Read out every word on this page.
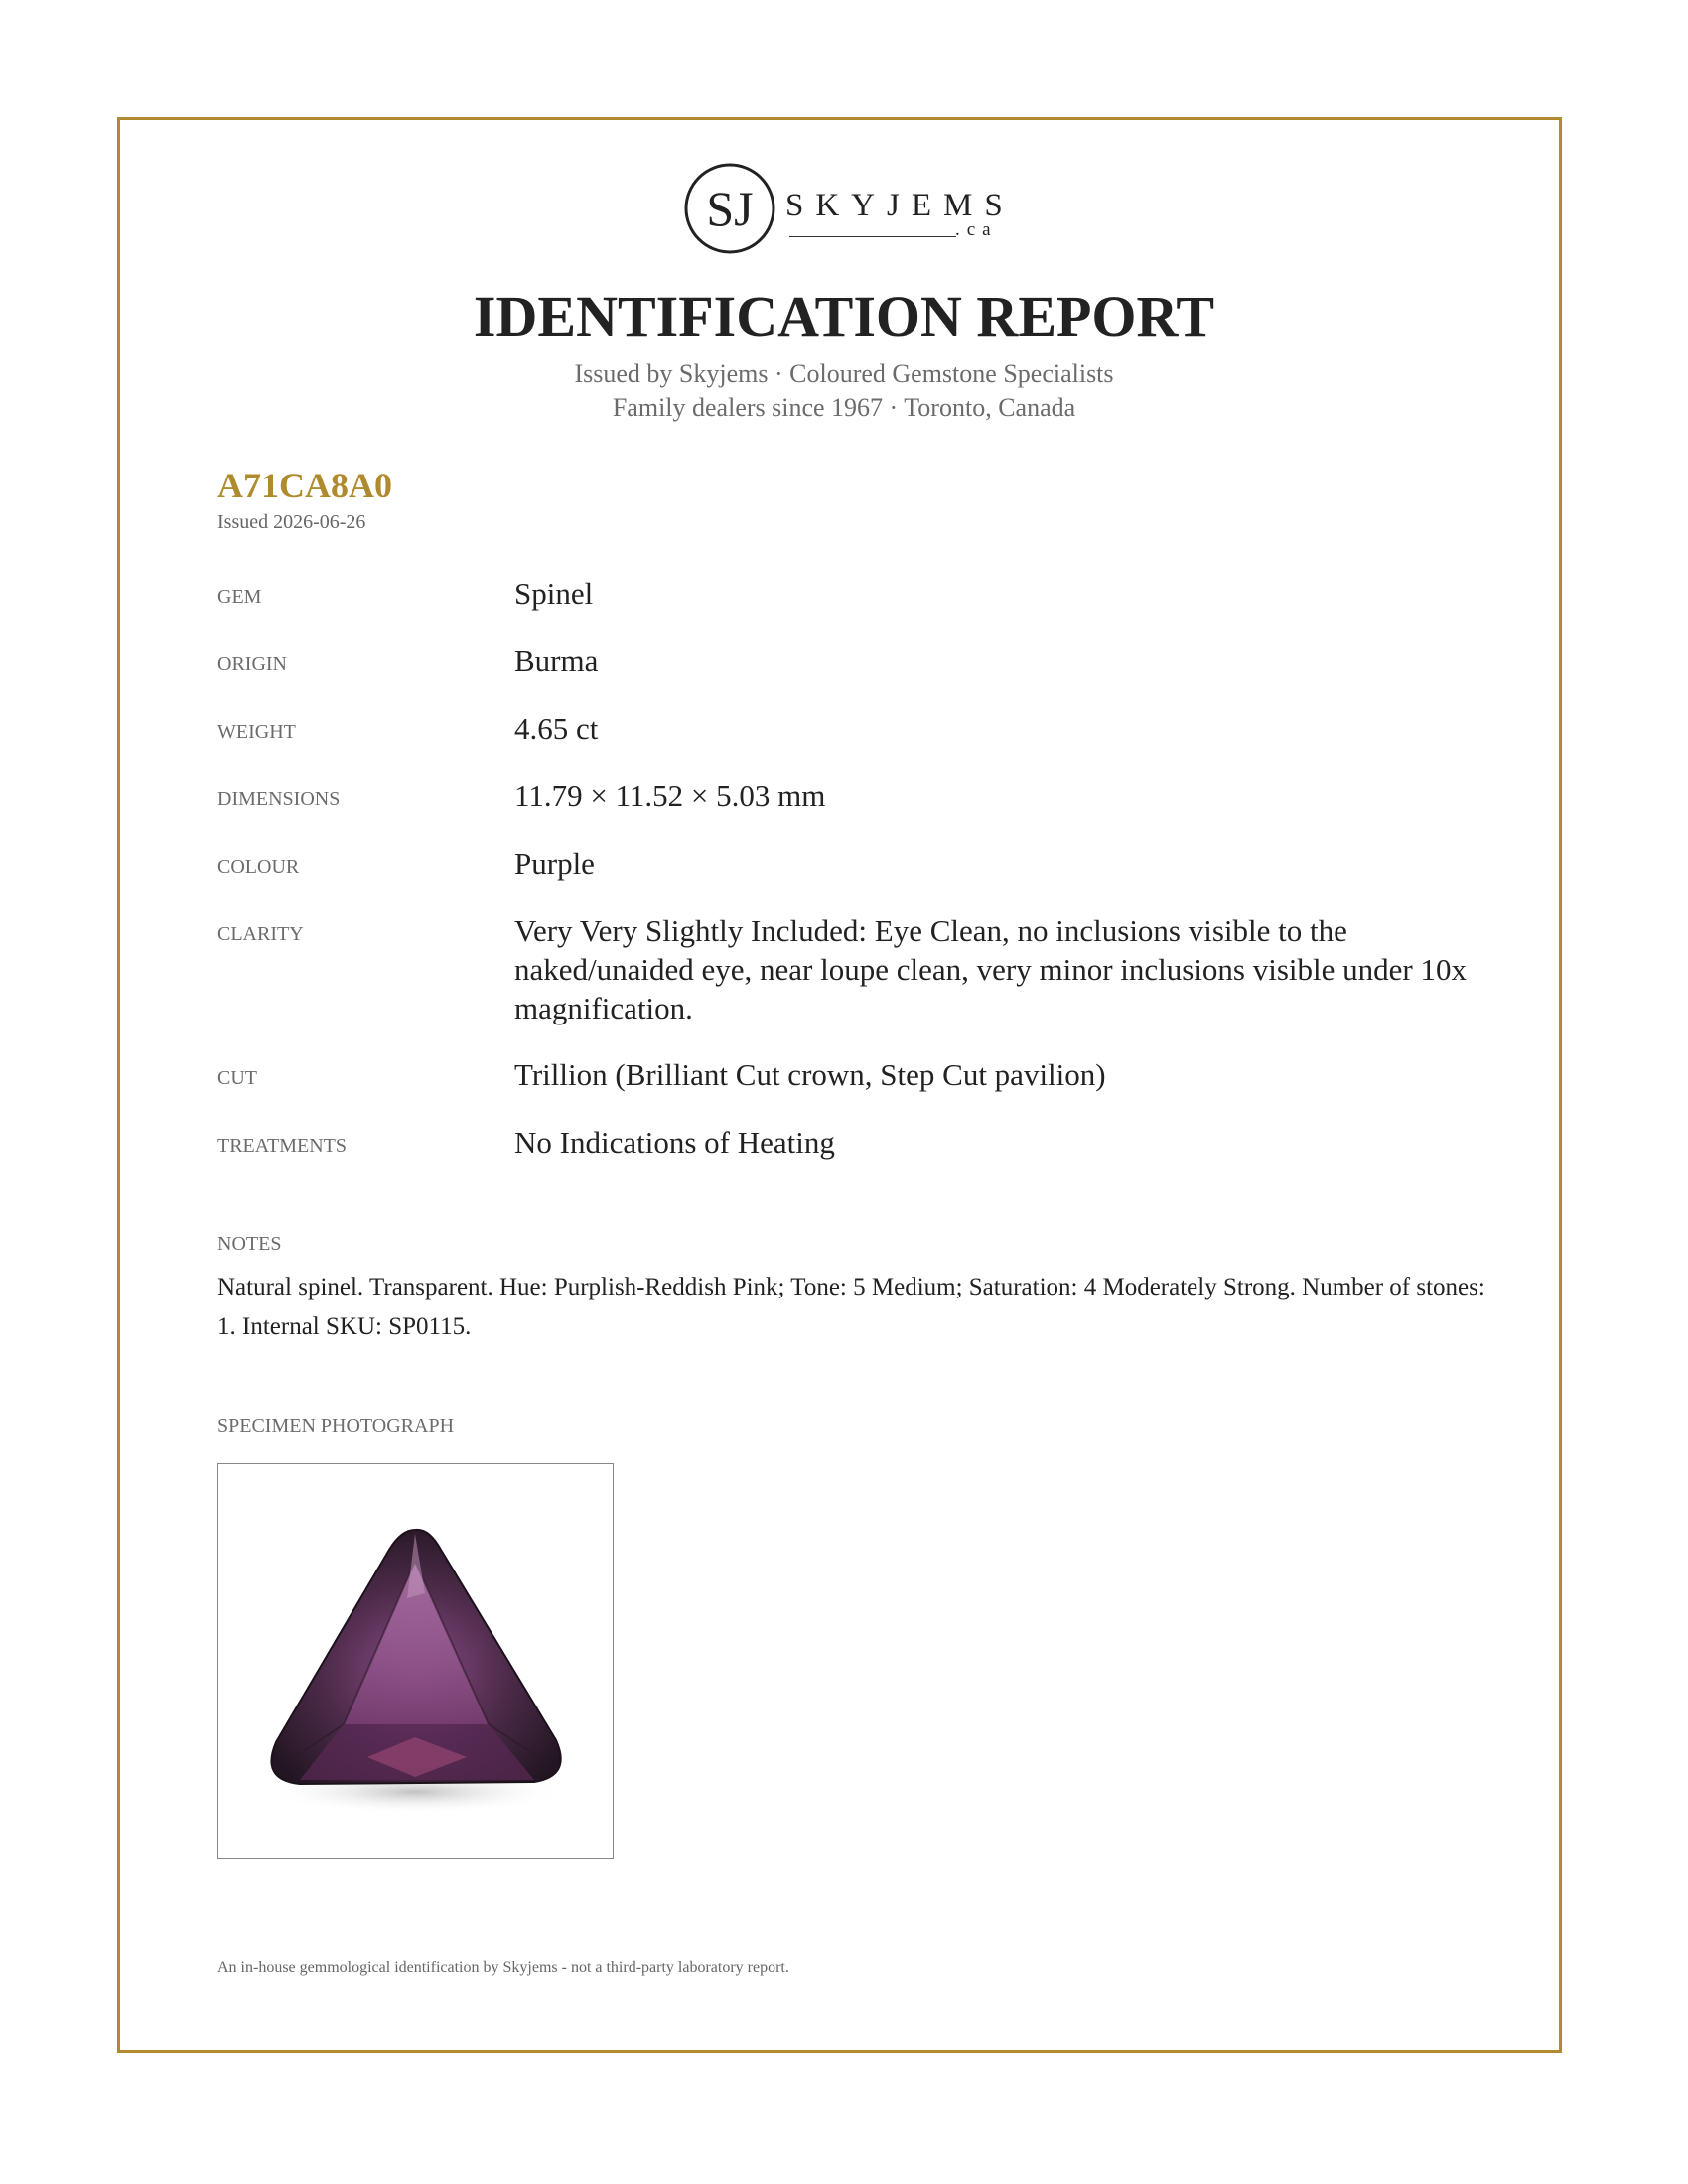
SJ SKYJEMS
.ca
IDENTIFICATION REPORT
Issued by Skyjems · Coloured Gemstone Specialists
Family dealers since 1967 · Toronto, Canada
A71CA8A0
Issued 2026-06-26
GEM	Spinel
ORIGIN	Burma
WEIGHT	4.65 ct
DIMENSIONS	11.79 × 11.52 × 5.03 mm
COLOUR	Purple
CLARITY	Very Very Slightly Included: Eye Clean, no inclusions visible to the naked/unaided eye, near loupe clean, very minor inclusions visible under 10x magnification.
CUT	Trillion (Brilliant Cut crown, Step Cut pavilion)
TREATMENTS	No Indications of Heating
NOTES
Natural spinel. Transparent. Hue: Purplish-Reddish Pink; Tone: 5 Medium; Saturation: 4 Moderately Strong. Number of stones: 1. Internal SKU: SP0115.
SPECIMEN PHOTOGRAPH
An in-house gemmological identification by Skyjems - not a third-party laboratory report.
